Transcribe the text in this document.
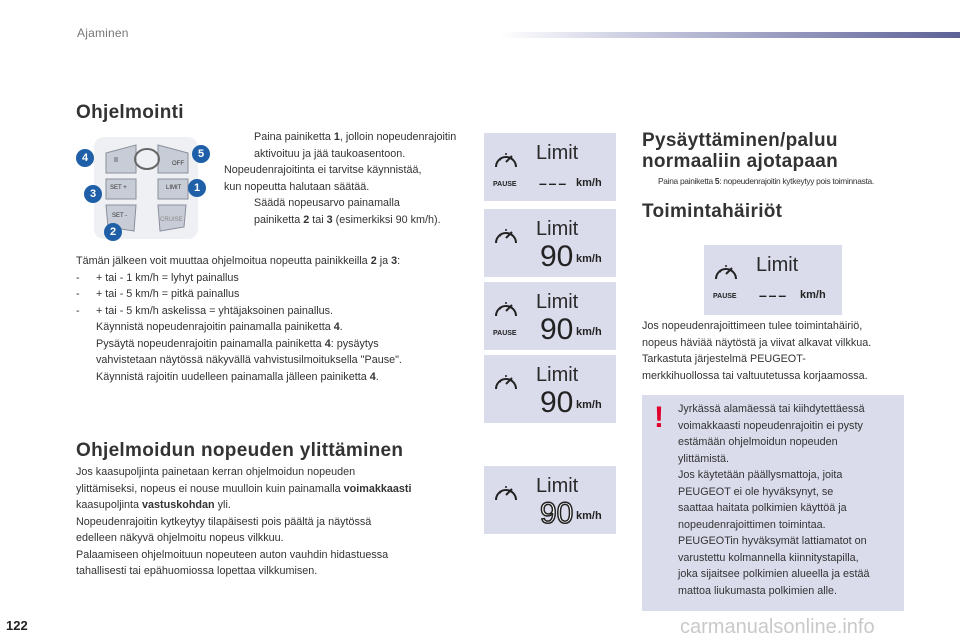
Ajaminen
Ohjelmointi
II
SET +	LIMIT
SET -
CRUISE
OFF
4	5
3	1
2
Paina painiketta 1, jolloin nopeudenrajoitin
aktivoituu ja jää taukoasentoon.
Nopeudenrajoitinta ei tarvitse käynnistää,
kun nopeutta halutaan säätää.
Säädä nopeusarvo painamalla
painiketta 2 tai 3 (esimerkiksi 90 km/h).
Tämän jälkeen voit muuttaa ohjelmoitua nopeutta painikkeilla 2 ja 3:
- + tai - 1 km/h = lyhyt painallus
- + tai - 5 km/h = pitkä painallus
- + tai - 5 km/h askelissa = yhtäjaksoinen painallus.
Käynnistä nopeudenrajoitin painamalla painiketta 4.
Pysäytä nopeudenrajoitin painamalla painiketta 4: pysäytys
vahvistetaan näytössä näkyvällä vahvistusilmoituksella "Pause".
Käynnistä rajoitin uudelleen painamalla jälleen painiketta 4.
Ohjelmoidun nopeuden ylittäminen
Jos kaasupoljinta painetaan kerran ohjelmoidun nopeuden
ylittämiseksi, nopeus ei nouse muulloin kuin painamalla voimakkaasti
kaasupoljinta vastuskohdan yli.
Nopeudenrajoitin kytkeytyy tilapäisesti pois päältä ja näytössä
edelleen näkyvä ohjelmoitu nopeus vilkkuu.
Palaamiseen ohjelmoituun nopeuteen auton vauhdin hidastuessa
tahallisesti tai epähuomiossa lopettaa vilkkumisen.
PAUSE
Limit
– – – km/h
Limit
90 km/h
PAUSE
Limit
90 km/h
Limit
90 km/h
Limit
90 km/h
Pysäyttäminen/paluu
normaaliin ajotapaan
Paina painiketta 5: nopeudenrajoitin kytkeytyy pois toiminnasta.
Toimintahäiriöt
PAUSE
Limit
– – – km/h
Jos nopeudenrajoittimeen tulee toimintahäiriö,
nopeus häviää näytöstä ja viivat alkavat vilkkua.
Tarkastuta järjestelmä PEUGEOT-
merkkihuollossa tai valtuutetussa korjaamossa.
! Jyrkässä alamäessä tai kiihdytettäessä
voimakkaasti nopeudenrajoitin ei pysty
estämään ohjelmoidun nopeuden
ylittämistä.
Jos käytetään päällysmattoja, joita
PEUGEOT ei ole hyväksynyt, se
saattaa haitata polkimien käyttöä ja
nopeudenrajoittimen toimintaa.
PEUGEOTin hyväksymät lattiamatot on
varustettu kolmannella kiinnitystapilla,
joka sijaitsee polkimien alueella ja estää
mattoa liukumasta polkimien alle.
122	carmanualsonline.info
